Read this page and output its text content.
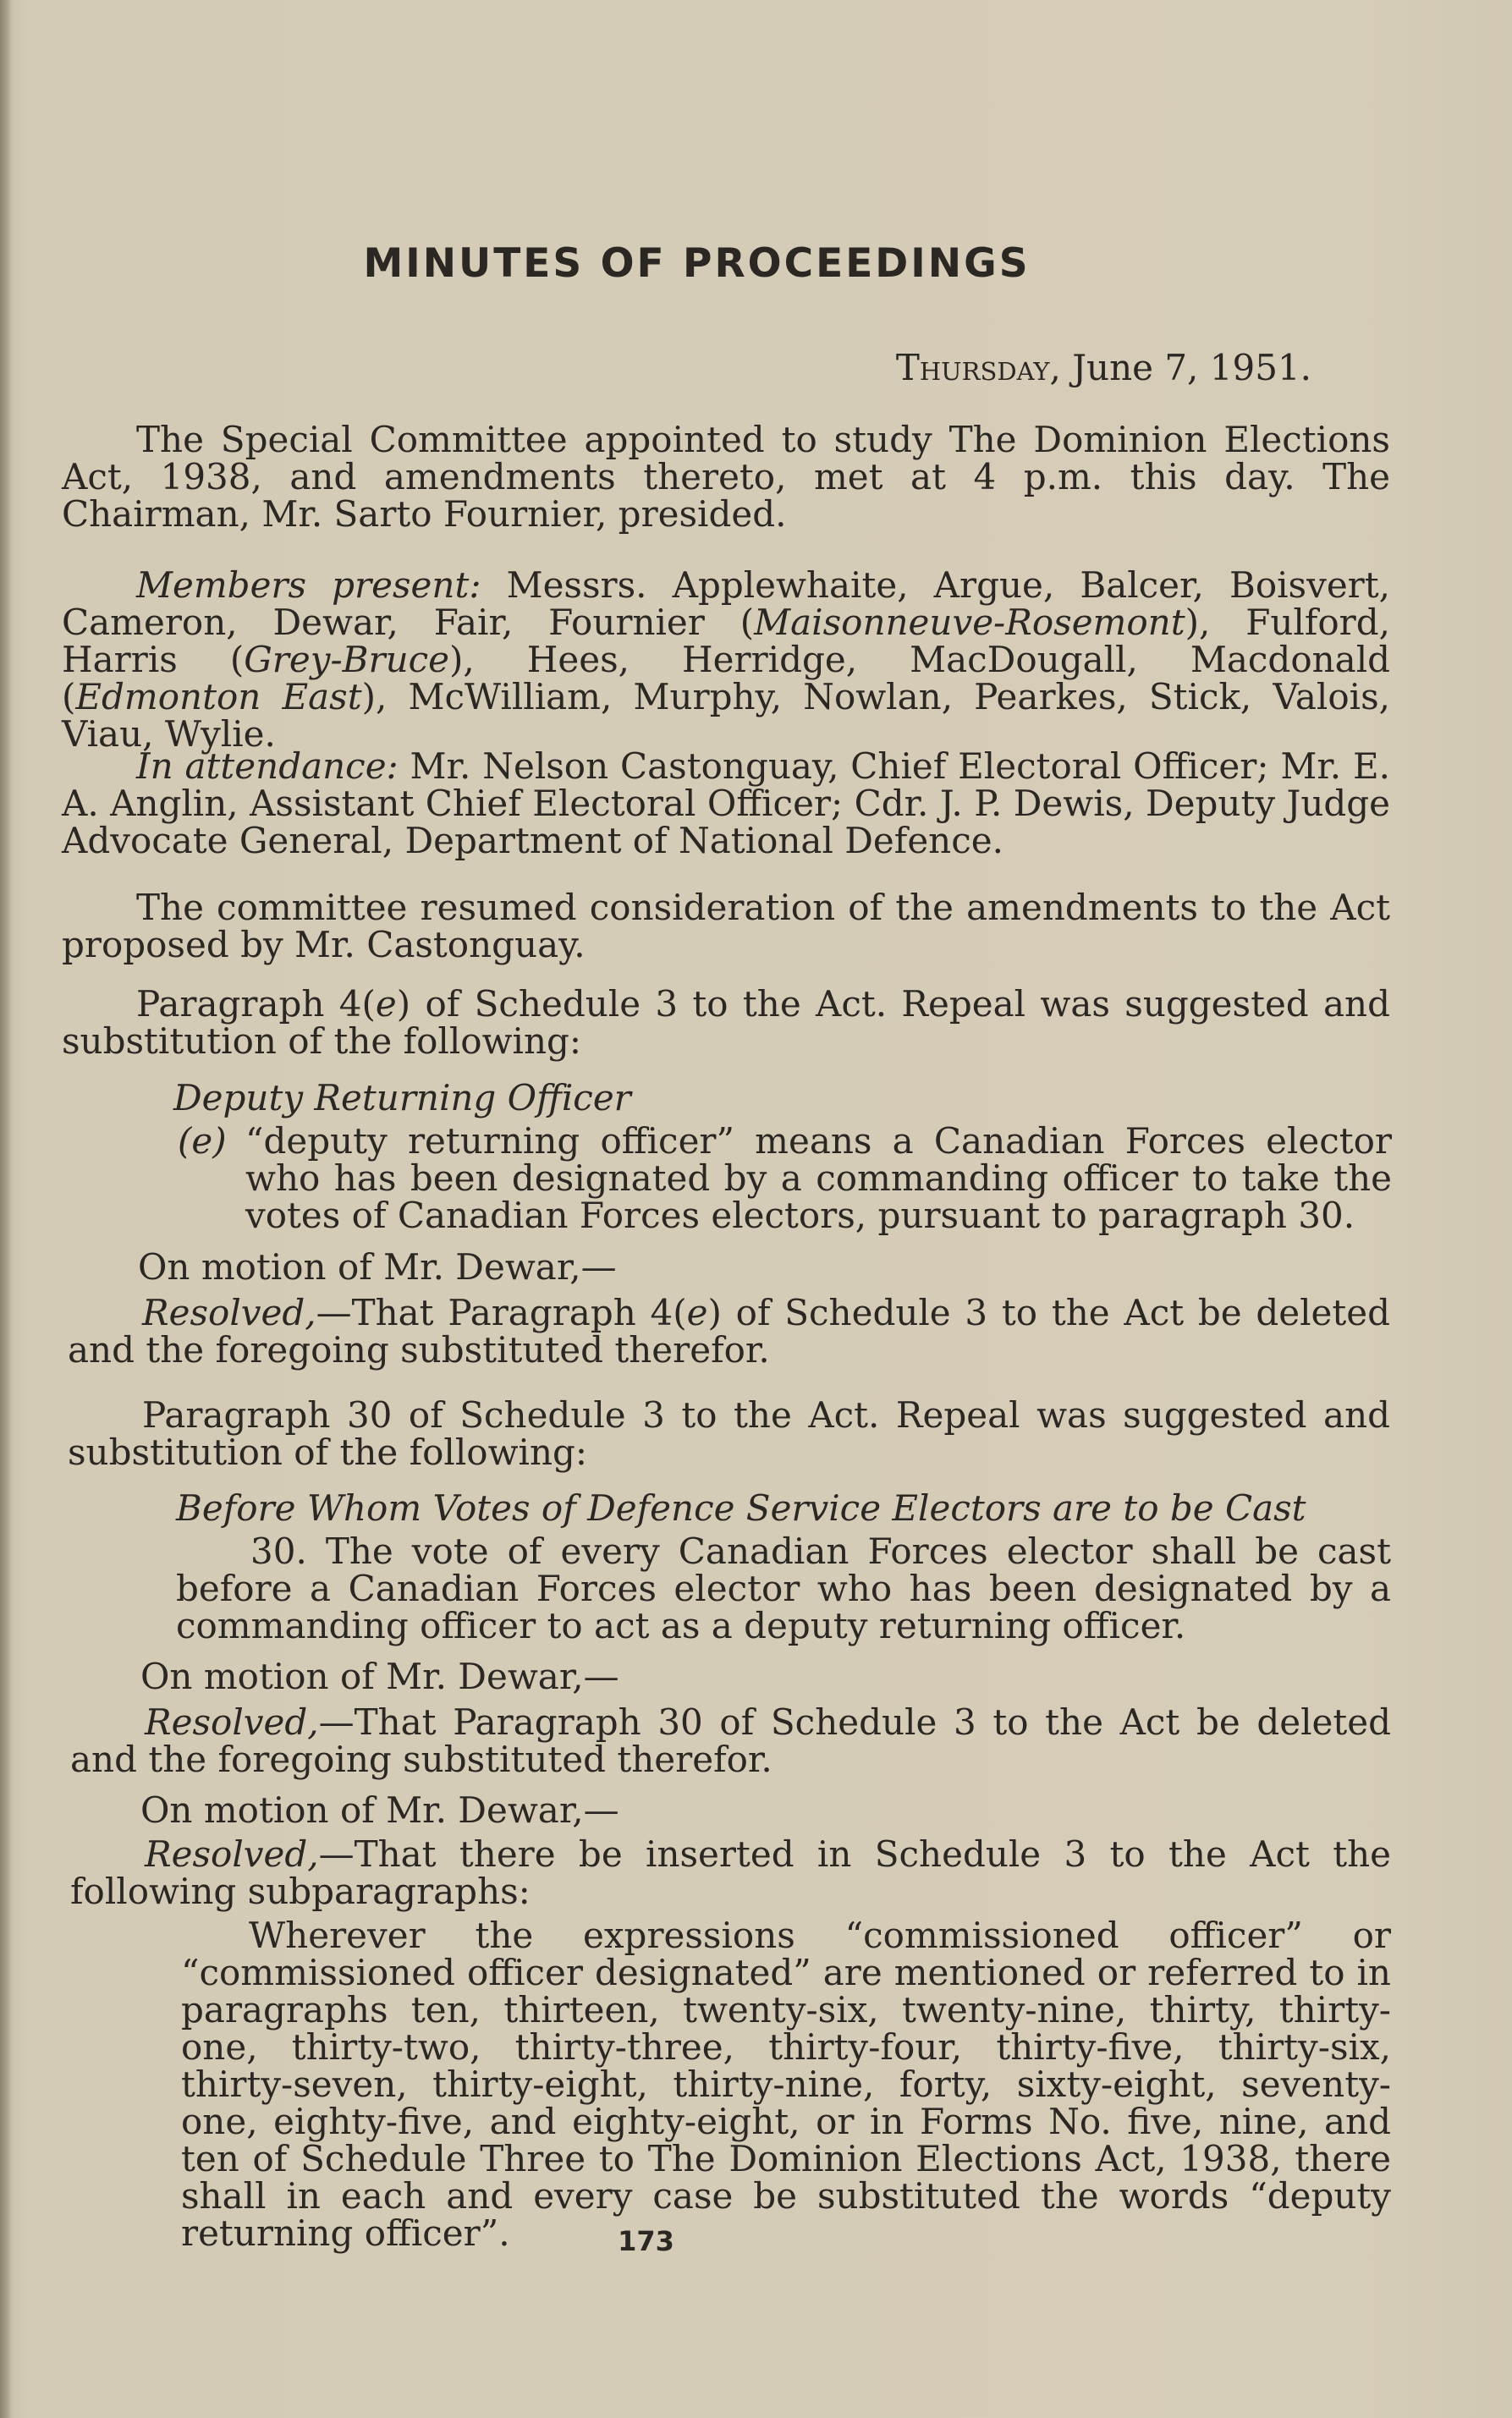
MINUTES OF PROCEEDINGS
Thursday, June 7, 1951.
The Special Committee appointed to study The Dominion Elections Act, 1938, and amendments thereto, met at 4 p.m. this day. The Chairman, Mr. Sarto Fournier, presided.
Members present: Messrs. Applewhaite, Argue, Balcer, Boisvert, Cameron, Dewar, Fair, Fournier (Maisonneuve-Rosemont), Fulford, Harris (Grey-Bruce), Hees, Herridge, MacDougall, Macdonald (Edmonton East), McWilliam, Murphy, Nowlan, Pearkes, Stick, Valois, Viau, Wylie.
In attendance: Mr. Nelson Castonguay, Chief Electoral Officer; Mr. E. A. Anglin, Assistant Chief Electoral Officer; Cdr. J. P. Dewis, Deputy Judge Advocate General, Department of National Defence.
The committee resumed consideration of the amendments to the Act proposed by Mr. Castonguay.
Paragraph 4(e) of Schedule 3 to the Act. Repeal was suggested and substitution of the following:
Deputy Returning Officer
(e) “deputy returning officer” means a Canadian Forces elector who has been designated by a commanding officer to take the votes of Canadian Forces electors, pursuant to paragraph 30.
On motion of Mr. Dewar,—
Resolved,—That Paragraph 4(e) of Schedule 3 to the Act be deleted and the foregoing substituted therefor.
Paragraph 30 of Schedule 3 to the Act. Repeal was suggested and substitution of the following:
Before Whom Votes of Defence Service Electors are to be Cast
30. The vote of every Canadian Forces elector shall be cast before a Canadian Forces elector who has been designated by a commanding officer to act as a deputy returning officer.
On motion of Mr. Dewar,—
Resolved,—That Paragraph 30 of Schedule 3 to the Act be deleted and the foregoing substituted therefor.
On motion of Mr. Dewar,—
Resolved,—That there be inserted in Schedule 3 to the Act the following subparagraphs:
Wherever the expressions “commissioned officer” or “commissioned officer designated” are mentioned or referred to in paragraphs ten, thirteen, twenty-six, twenty-nine, thirty, thirty-one, thirty-two, thirty-three, thirty-four, thirty-five, thirty-six, thirty-seven, thirty-eight, thirty-nine, forty, sixty-eight, seventy-one, eighty-five, and eighty-eight, or in Forms No. five, nine, and ten of Schedule Three to The Dominion Elections Act, 1938, there shall in each and every case be substituted the words “deputy returning officer”.	173
